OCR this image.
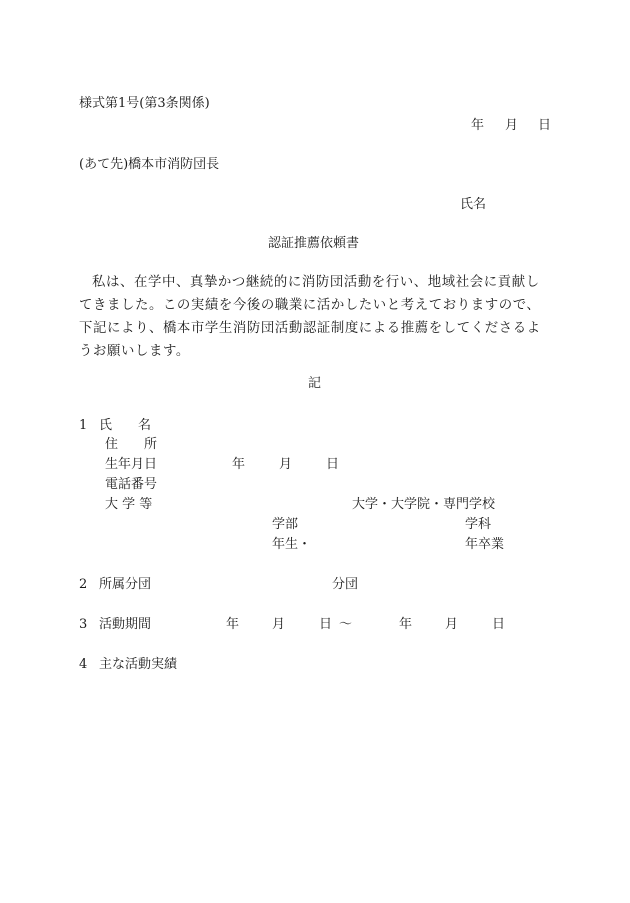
様式第1号(第3条関係)
年 月 日
(あて先)橋本市消防団長
氏名
認証推薦依頼書
私は、在学中、真摯かつ継続的に消防団活動を行い、地域社会に貢献してきました。この実績を今後の職業に活かしたいと考えておりますので、下記により、橋本市学生消防団活動認証制度による推薦をしてくださるようお願いします。
記
1 氏　　名
住　　所
生年月日	年	月	日
電話番号
大 学 等	大学・大学院・専門学校
学部	学科
年生・	年卒業
2 所属分団	分団
3 活動期間	年	月	日 ～	年	月	日
4 主な活動実績
